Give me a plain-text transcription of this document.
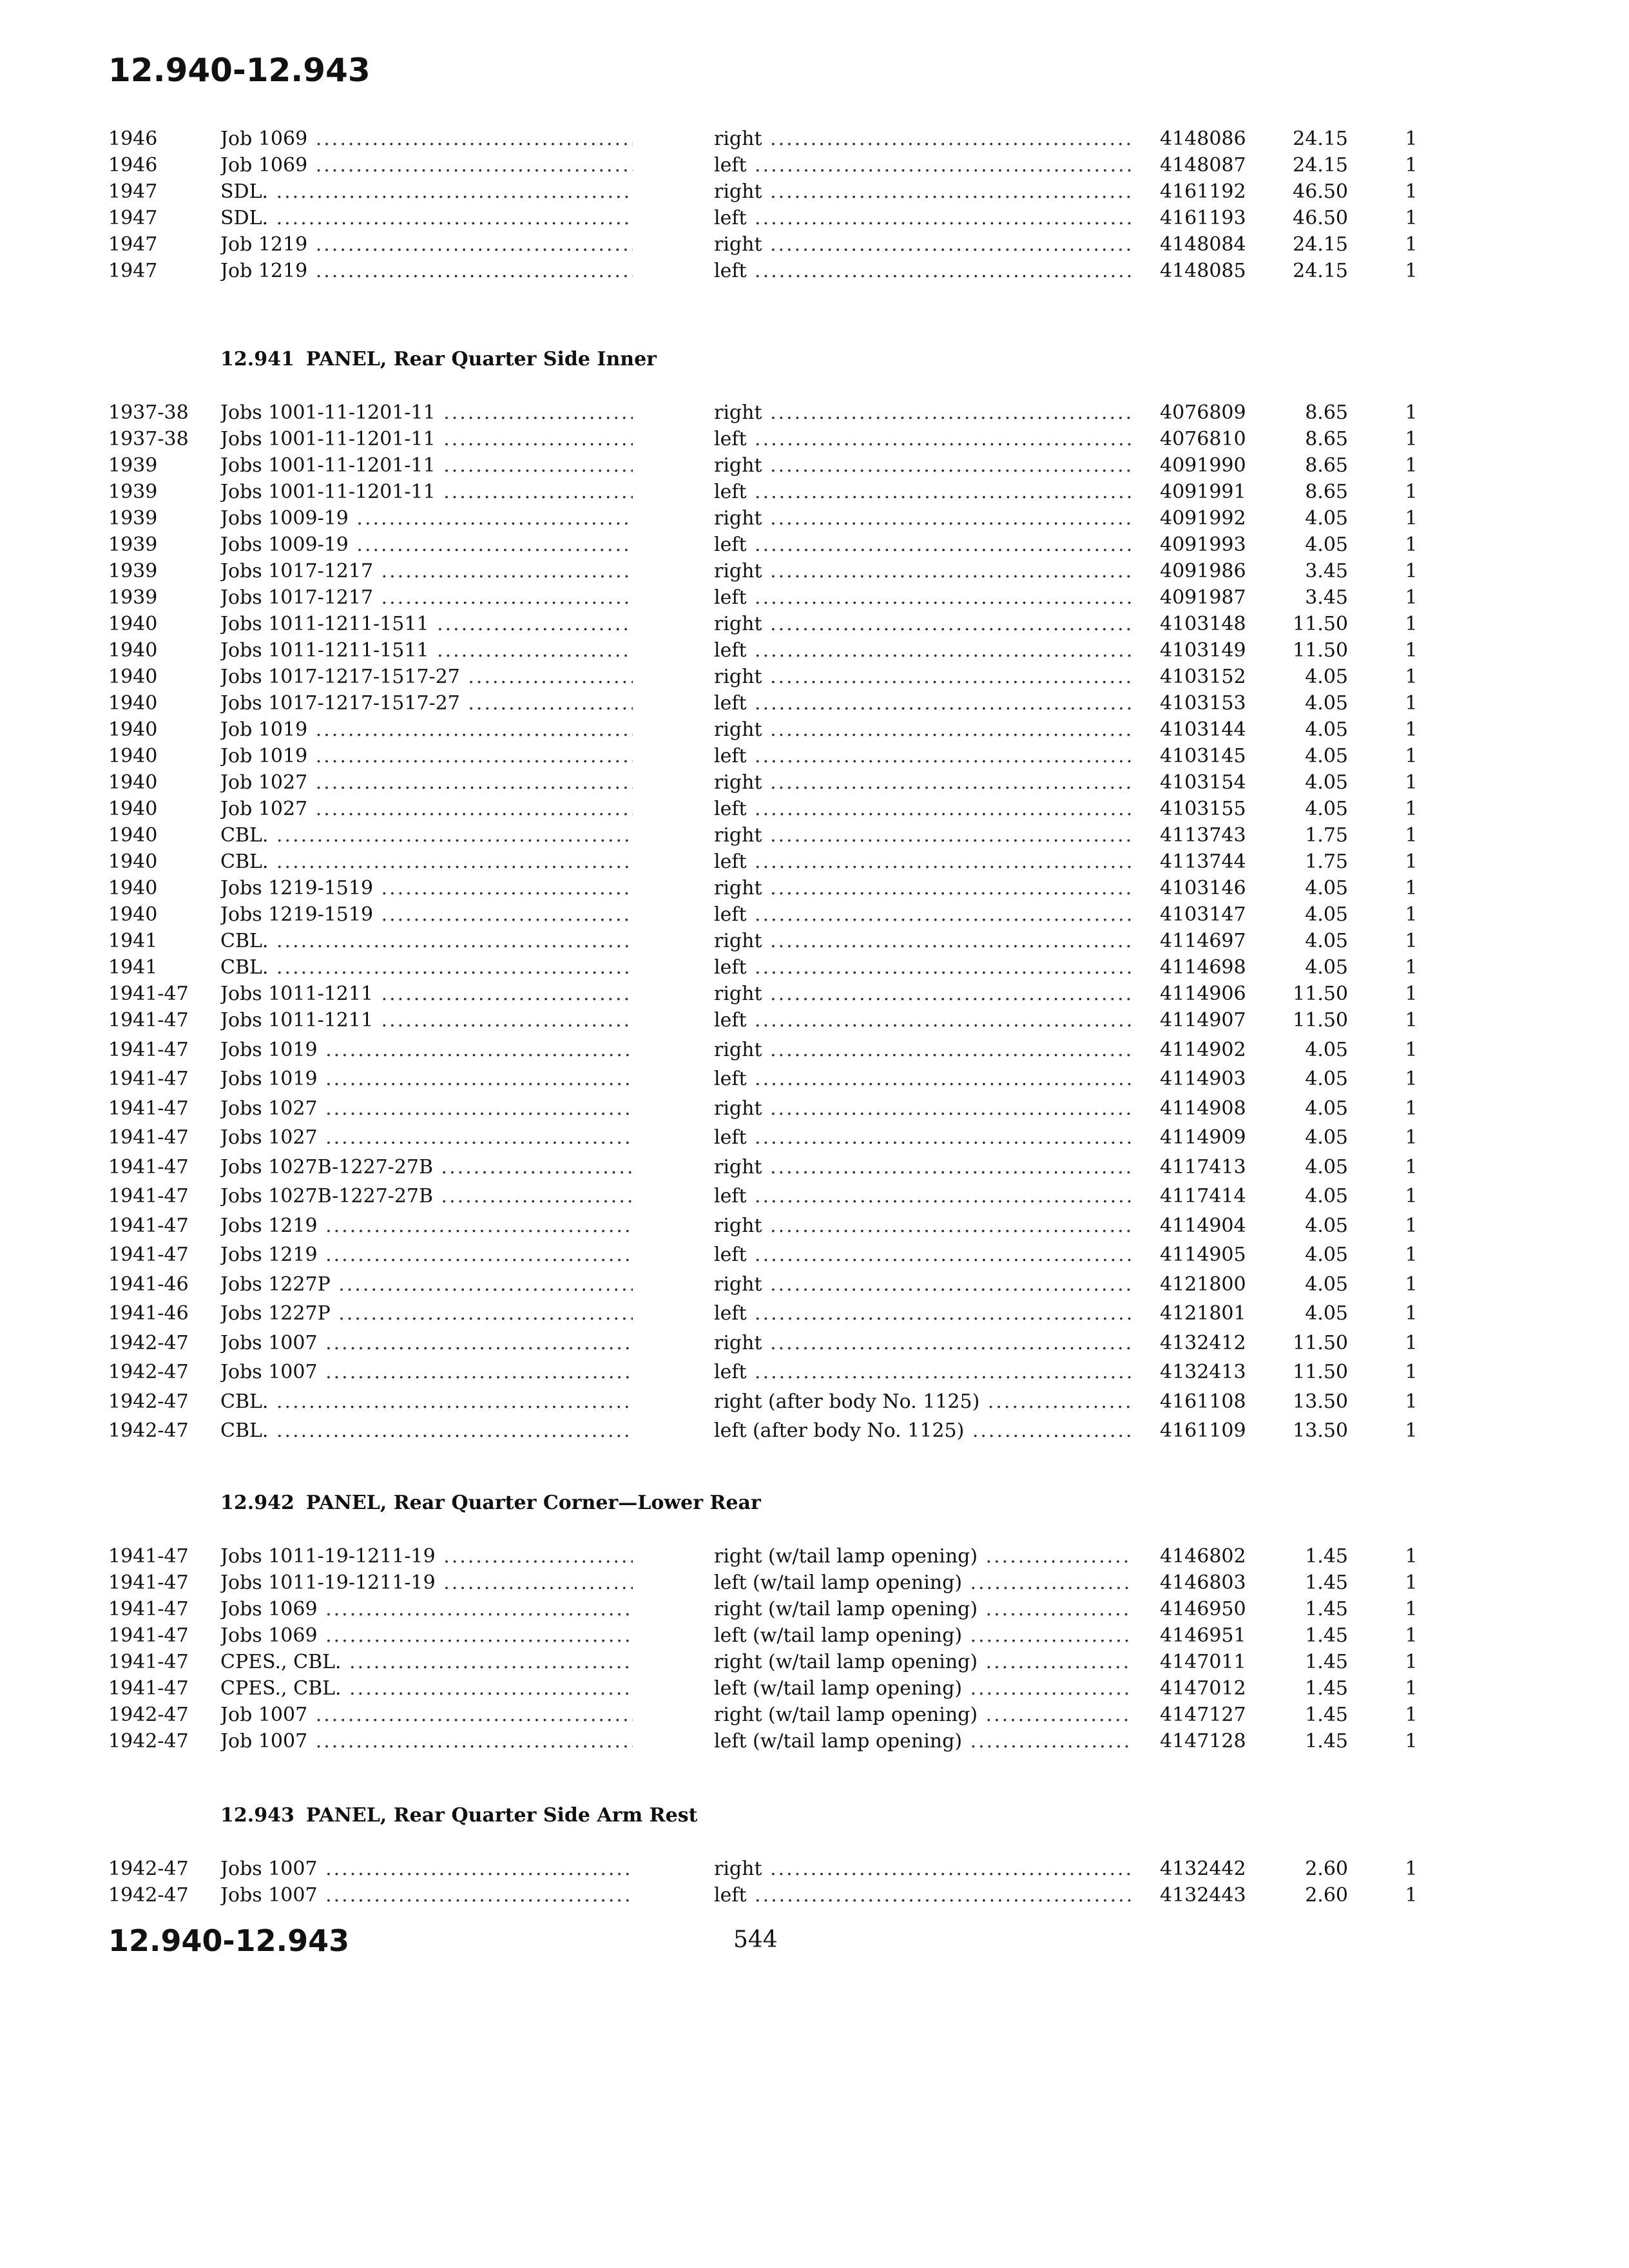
12.940-12.943
1946	Job 1069 .....	right .....	4148086	24.15	1
1946	Job 1069 .....	left .....	4148087	24.15	1
1947	SDL. .....	right .....	4161192	46.50	1
1947	SDL. .....	left .....	4161193	46.50	1
1947	Job 1219 .....	right .....	4148084	24.15	1
1947	Job 1219 .....	left .....	4148085	24.15	1
12.941 PANEL, Rear Quarter Side Inner
1937-38 Jobs 1001-11-1201-11 .....	right .....	4076809	8.65	1
1937-38 Jobs 1001-11-1201-11 .....	left .....	4076810	8.65	1
1939	Jobs 1001-11-1201-11 .....	right .....	4091990	8.65	1
1939	Jobs 1001-11-1201-11 .....	left .....	4091991	8.65	1
1939	Jobs 1009-19 .....	right .....	4091992	4.05	1
1939	Jobs 1009-19 .....	left .....	4091993	4.05	1
1939	Jobs 1017-1217 .....	right .....	4091986	3.45	1
1939	Jobs 1017-1217 .....	left .....	4091987	3.45	1
1940	Jobs 1011-1211-1511 .....	right .....	4103148	11.50	1
1940	Jobs 1011-1211-1511 .....	left .....	4103149	11.50	1
1940	Jobs 1017-1217-1517-27 .....	right .....	4103152	4.05	1
1940	Jobs 1017-1217-1517-27 .....	left .....	4103153	4.05	1
1940	Job 1019 .....	right .....	4103144	4.05	1
1940	Job 1019 .....	left .....	4103145	4.05	1
1940	Job 1027 .....	right .....	4103154	4.05	1
1940	Job 1027 .....	left .....	4103155	4.05	1
1940	CBL. .....	right .....	4113743	1.75	1
1940	CBL. .....	left .....	4113744	1.75	1
1940	Jobs 1219-1519 .....	right .....	4103146	4.05	1
1940	Jobs 1219-1519 .....	left .....	4103147	4.05	1
1941	CBL. .....	right .....	4114697	4.05	1
1941	CBL. .....	left .....	4114698	4.05	1
1941-47 Jobs 1011-1211 .....	right .....	4114906	11.50	1
1941-47 Jobs 1011-1211 .....	left .....	4114907	11.50	1
1941-47 Jobs 1019 .....	right .....	4114902	4.05	1
1941-47 Jobs 1019 .....	left .....	4114903	4.05	1
1941-47 Jobs 1027 .....	right .....	4114908	4.05	1
1941-47 Jobs 1027 .....	left .....	4114909	4.05	1
1941-47 Jobs 1027B-1227-27B .....	right .....	4117413	4.05	1
1941-47 Jobs 1027B-1227-27B .....	left .....	4117414	4.05	1
1941-47 Jobs 1219 .....	right .....	4114904	4.05	1
1941-47 Jobs 1219 .....	left .....	4114905	4.05	1
1941-46 Jobs 1227P .....	right .....	4121800	4.05	1
1941-46 Jobs 1227P .....	left .....	4121801	4.05	1
1942-47 Jobs 1007 .....	right .....	4132412	11.50	1
1942-47 Jobs 1007 .....	left .....	4132413	11.50	1
1942-47 CBL. .....	right (after body No. 1125) .....	4161108	13.50	1
1942-47 CBL. .....	left (after body No. 1125) .....	4161109	13.50	1
12.942 PANEL, Rear Quarter Corner—Lower Rear
1941-47 Jobs 1011-19-1211-19 .....	right (w/tail lamp opening) .....	4146802	1.45	1
1941-47 Jobs 1011-19-1211-19 .....	left (w/tail lamp opening) .....	4146803	1.45	1
1941-47 Jobs 1069 .....	right (w/tail lamp opening) .....	4146950	1.45	1
1941-47 Jobs 1069 .....	left (w/tail lamp opening) .....	4146951	1.45	1
1941-47 CPES., CBL. .....	right (w/tail lamp opening) .....	4147011	1.45	1
1941-47 CPES., CBL. .....	left (w/tail lamp opening) .....	4147012	1.45	1
1942-47 Job 1007 .....	right (w/tail lamp opening) .....	4147127	1.45	1
1942-47 Job 1007 .....	left (w/tail lamp opening) .....	4147128	1.45	1
12.943 PANEL, Rear Quarter Side Arm Rest
1942-47 Jobs 1007 .....	right .....	4132442	2.60	1
1942-47 Jobs 1007 .....	left .....	4132443	2.60	1
12.940-12.943	544
